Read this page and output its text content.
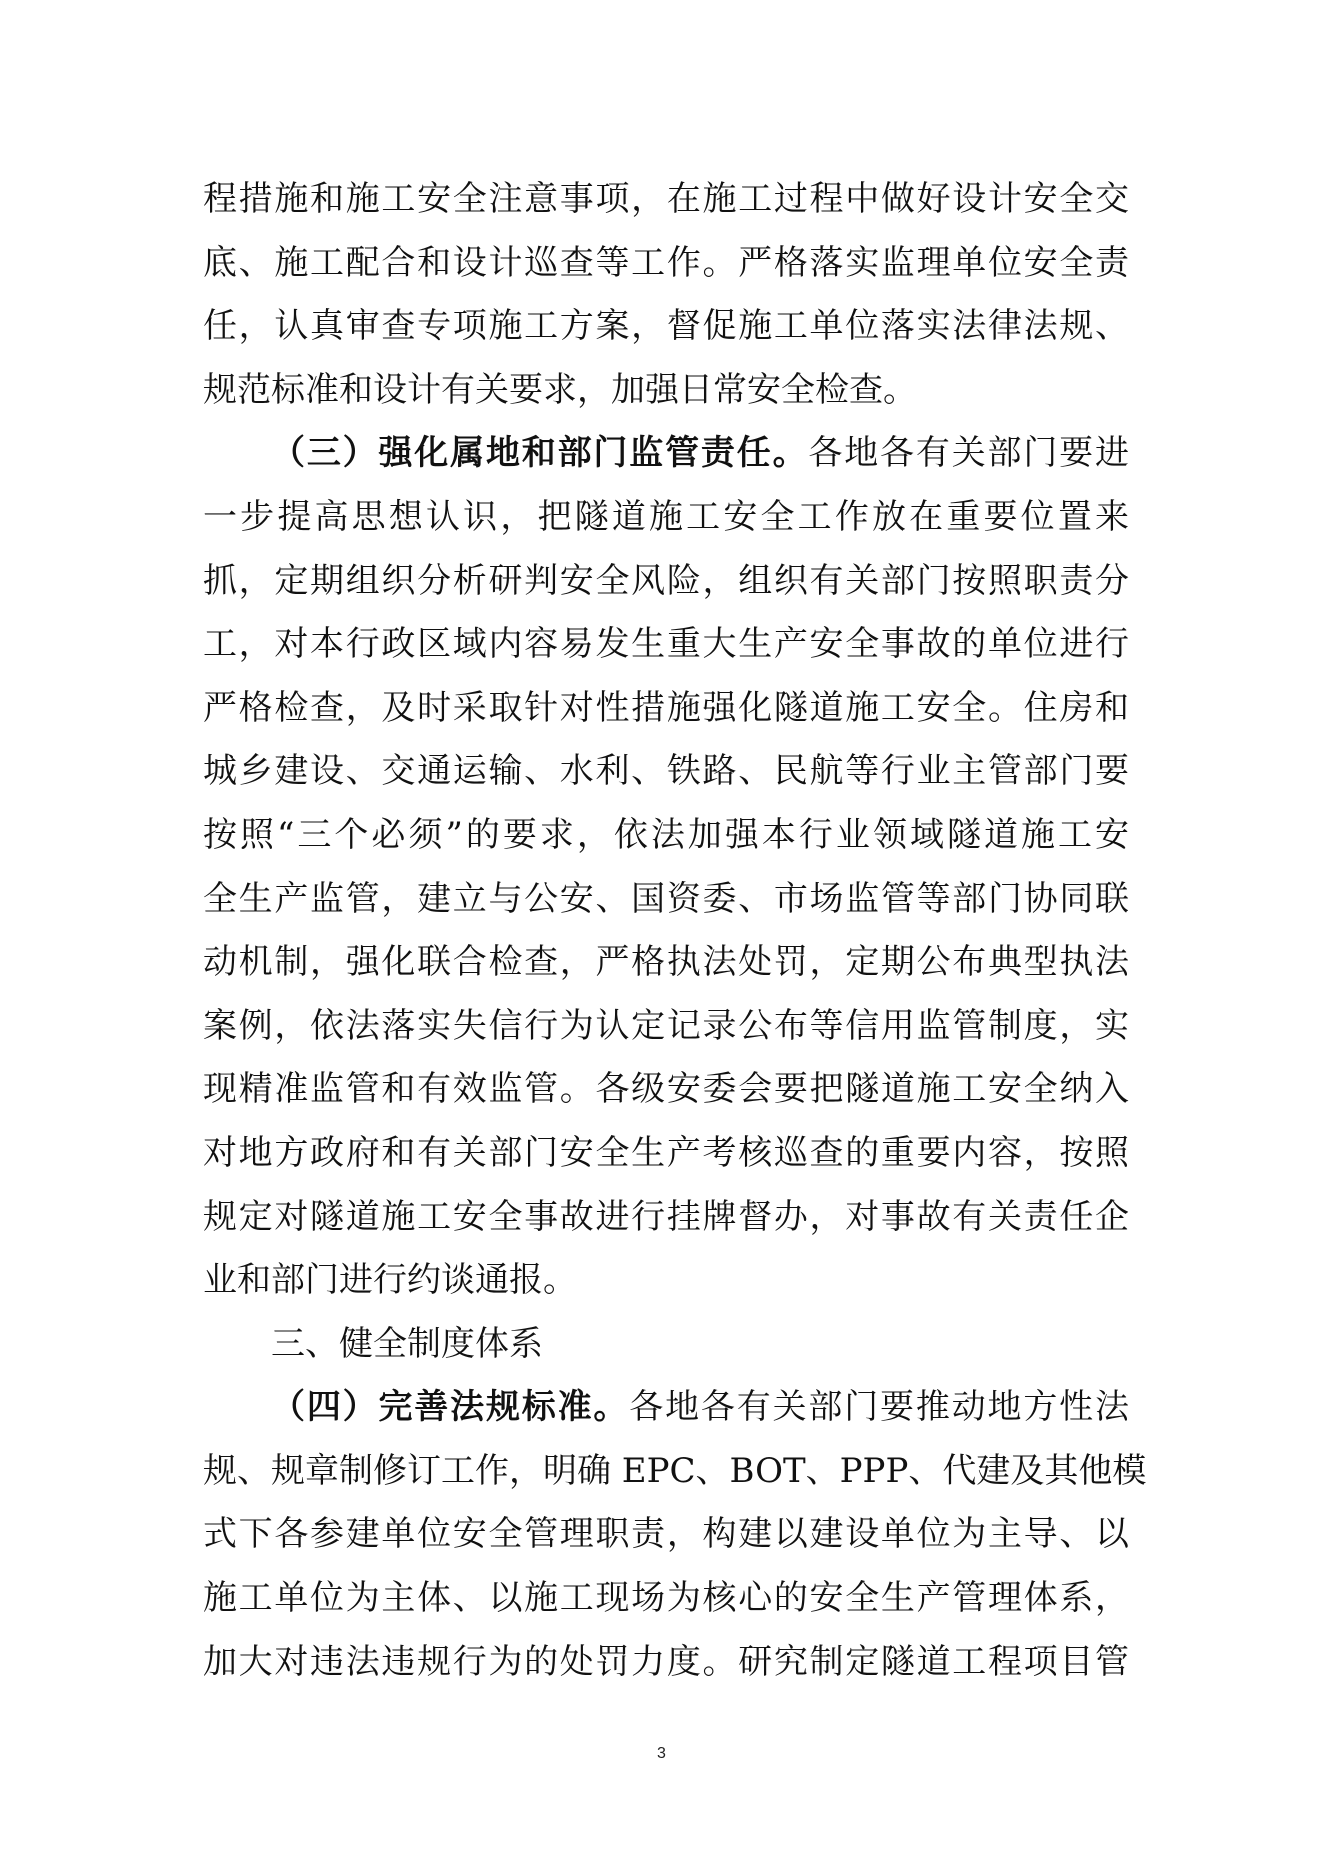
程措施和施工安全注意事项，在施工过程中做好设计安全交
底、施工配合和设计巡查等工作。严格落实监理单位安全责
任，认真审查专项施工方案，督促施工单位落实法律法规、
规范标准和设计有关要求，加强日常安全检查。
（三）强化属地和部门监管责任。各地各有关部门要进
一步提高思想认识，把隧道施工安全工作放在重要位置来
抓，定期组织分析研判安全风险，组织有关部门按照职责分
工，对本行政区域内容易发生重大生产安全事故的单位进行
严格检查，及时采取针对性措施强化隧道施工安全。住房和
城乡建设、交通运输、水利、铁路、民航等行业主管部门要
按照“三个必须”的要求，依法加强本行业领域隧道施工安
全生产监管，建立与公安、国资委、市场监管等部门协同联
动机制，强化联合检查，严格执法处罚，定期公布典型执法
案例，依法落实失信行为认定记录公布等信用监管制度，实
现精准监管和有效监管。各级安委会要把隧道施工安全纳入
对地方政府和有关部门安全生产考核巡查的重要内容，按照
规定对隧道施工安全事故进行挂牌督办，对事故有关责任企
业和部门进行约谈通报。
三、健全制度体系
（四）完善法规标准。各地各有关部门要推动地方性法
规、规章制修订工作，明确 EPC、BOT、PPP、代建及其他模
式下各参建单位安全管理职责，构建以建设单位为主导、以
施工单位为主体、以施工现场为核心的安全生产管理体系，
加大对违法违规行为的处罚力度。研究制定隧道工程项目管
3
